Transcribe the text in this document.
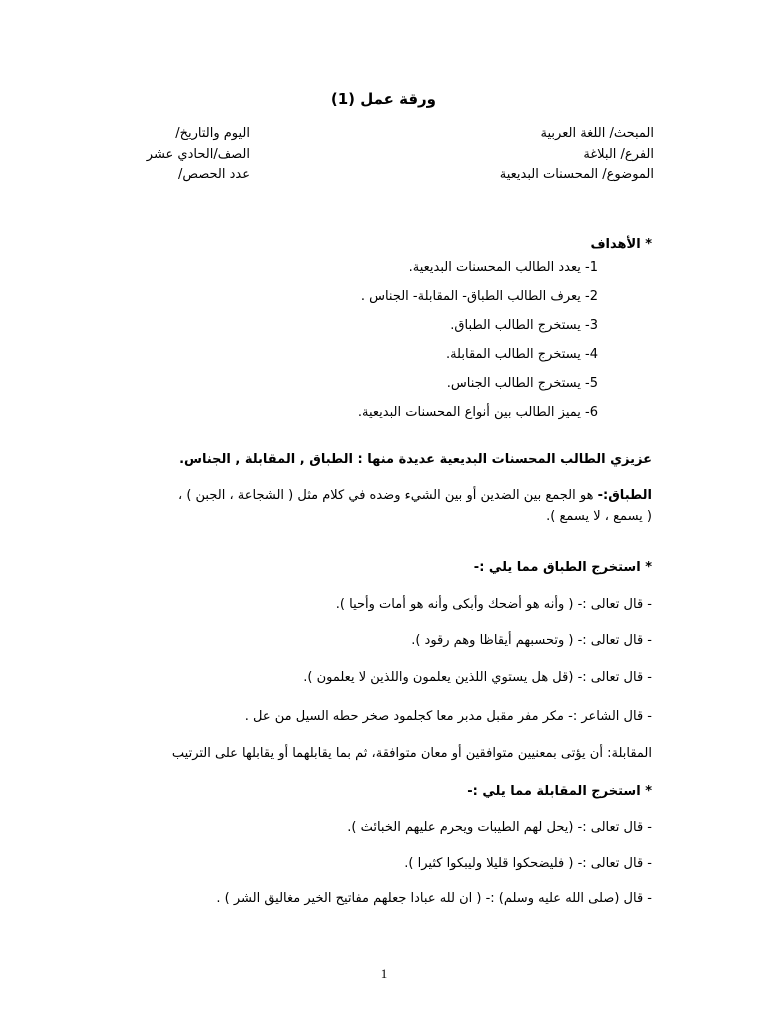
ورقة عمل (1)
المبحث/ اللغة العربية
الفرع/ البلاغة
الموضوع/ المحسنات البديعية
اليوم والتاريخ/
الصف/الحادي عشر
عدد الحصص/
* الأهداف
1- يعدد الطالب المحسنات البديعية.
2- يعرف الطالب الطباق- المقابلة- الجناس .
3- يستخرج الطالب الطباق.
4- يستخرج الطالب المقابلة.
5- يستخرج الطالب الجناس.
6- يميز الطالب بين أنواع المحسنات البديعية.
عزيزي الطالب المحسنات البديعية عديدة منها : الطباق , المقابلة , الجناس.
الطباق:- هو الجمع بين الضدين أو بين الشيء وضده في كلام مثل ( الشجاعة ، الجبن ) ،
( يسمع ، لا يسمع ).
* استخرج الطباق مما يلي :-
- قال تعالى :- ( وأنه هو أضحك وأبكى وأنه هو أمات وأحيا ).
- قال تعالى :- ( وتحسبهم أيقاظا وهم رقود ).
- قال تعالى :- (قل هل يستوي اللذين يعلمون واللذين لا يعلمون ).
- قال الشاعر :- مكر مفر مقبل مدبر معا كجلمود صخر حطه السيل من عل .
المقابلة: أن يؤتى بمعنيين متوافقين أو معان متوافقة، ثم بما يقابلهما أو يقابلها على الترتيب
* استخرج المقابلة مما يلي :-
- قال تعالى :- (يحل لهم الطيبات ويحرم عليهم الخبائث ).
- قال تعالى :- ( فليضحكوا قليلا وليبكوا كثيرا ).
- قال (صلى الله عليه وسلم) :- ( ان لله عبادا جعلهم مفاتيح الخير مغاليق الشر ) .
1
